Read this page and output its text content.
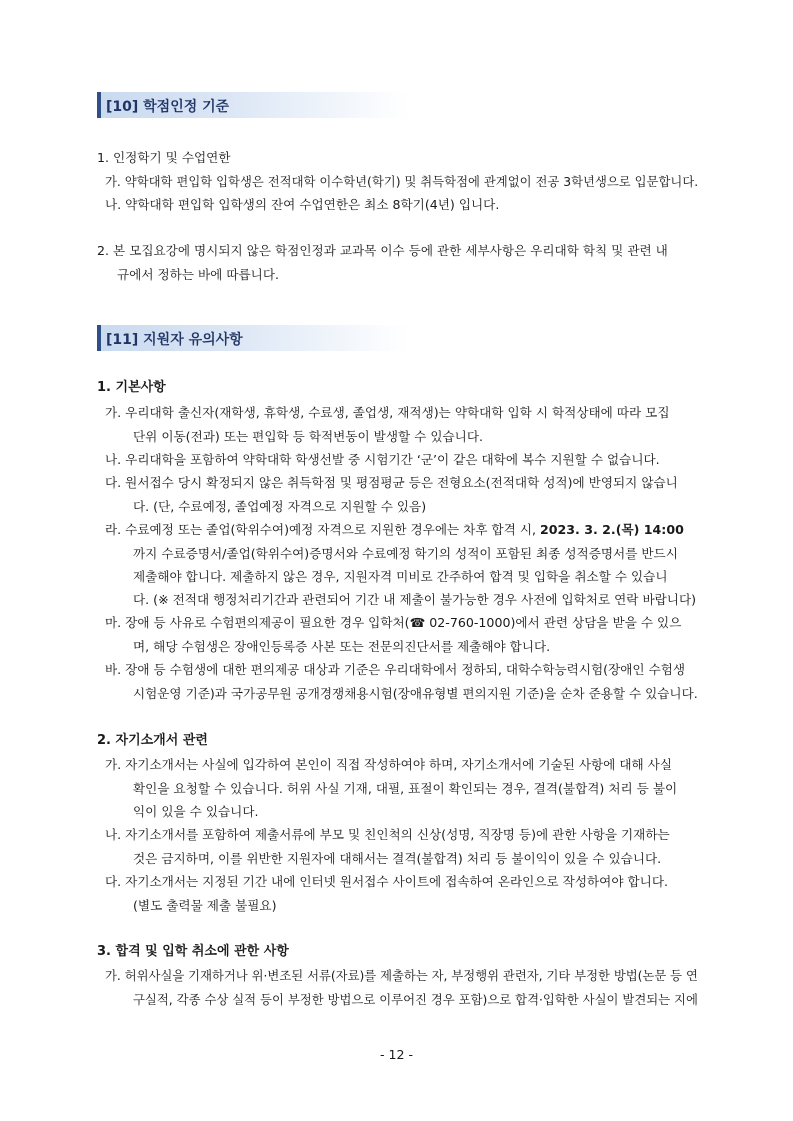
[10] 학점인정 기준
1. 인정학기 및 수업연한
가. 약학대학 편입학 입학생은 전적대학 이수학년(학기) 및 취득학점에 관계없이 전공 3학년생으로 입문합니다.
나. 약학대학 편입학 입학생의 잔여 수업연한은 최소 8학기(4년) 입니다.
2. 본 모집요강에 명시되지 않은 학점인정과 교과목 이수 등에 관한 세부사항은 우리대학 학칙 및 관련 내
규에서 정하는 바에 따릅니다.
[11] 지원자 유의사항
1. 기본사항
가. 우리대학 출신자(재학생, 휴학생, 수료생, 졸업생, 재적생)는 약학대학 입학 시 학적상태에 따라 모집
단위 이동(전과) 또는 편입학 등 학적변동이 발생할 수 있습니다.
나. 우리대학을 포함하여 약학대학 학생선발 중 시험기간 ‘군’이 같은 대학에 복수 지원할 수 없습니다.
다. 원서접수 당시 확정되지 않은 취득학점 및 평점평균 등은 전형요소(전적대학 성적)에 반영되지 않습니
다. (단, 수료예정, 졸업예정 자격으로 지원할 수 있음)
라. 수료예정 또는 졸업(학위수여)예정 자격으로 지원한 경우에는 차후 합격 시, 2023. 3. 2.(목) 14:00
까지 수료증명서/졸업(학위수여)증명서와 수료예정 학기의 성적이 포함된 최종 성적증명서를 반드시
제출해야 합니다. 제출하지 않은 경우, 지원자격 미비로 간주하여 합격 및 입학을 취소할 수 있습니
다. (※ 전적대 행정처리기간과 관련되어 기간 내 제출이 불가능한 경우 사전에 입학처로 연락 바랍니다)
마. 장애 등 사유로 수험편의제공이 필요한 경우 입학처(☎ 02-760-1000)에서 관련 상담을 받을 수 있으
며, 해당 수험생은 장애인등록증 사본 또는 전문의진단서를 제출해야 합니다.
바. 장애 등 수험생에 대한 편의제공 대상과 기준은 우리대학에서 정하되, 대학수학능력시험(장애인 수험생
시험운영 기준)과 국가공무원 공개경쟁채용시험(장애유형별 편의지원 기준)을 순차 준용할 수 있습니다.
2. 자기소개서 관련
가. 자기소개서는 사실에 입각하여 본인이 직접 작성하여야 하며, 자기소개서에 기술된 사항에 대해 사실
확인을 요청할 수 있습니다. 허위 사실 기재, 대필, 표절이 확인되는 경우, 결격(불합격) 처리 등 불이
익이 있을 수 있습니다.
나. 자기소개서를 포함하여 제출서류에 부모 및 친인척의 신상(성명, 직장명 등)에 관한 사항을 기재하는
것은 금지하며, 이를 위반한 지원자에 대해서는 결격(불합격) 처리 등 불이익이 있을 수 있습니다.
다. 자기소개서는 지정된 기간 내에 인터넷 원서접수 사이트에 접속하여 온라인으로 작성하여야 합니다.
(별도 출력물 제출 불필요)
3. 합격 및 입학 취소에 관한 사항
가. 허위사실을 기재하거나 위·변조된 서류(자료)를 제출하는 자, 부정행위 관련자, 기타 부정한 방법(논문 등 연
구실적, 각종 수상 실적 등이 부정한 방법으로 이루어진 경우 포함)으로 합격·입학한 사실이 발견되는 지에
- 12 -
